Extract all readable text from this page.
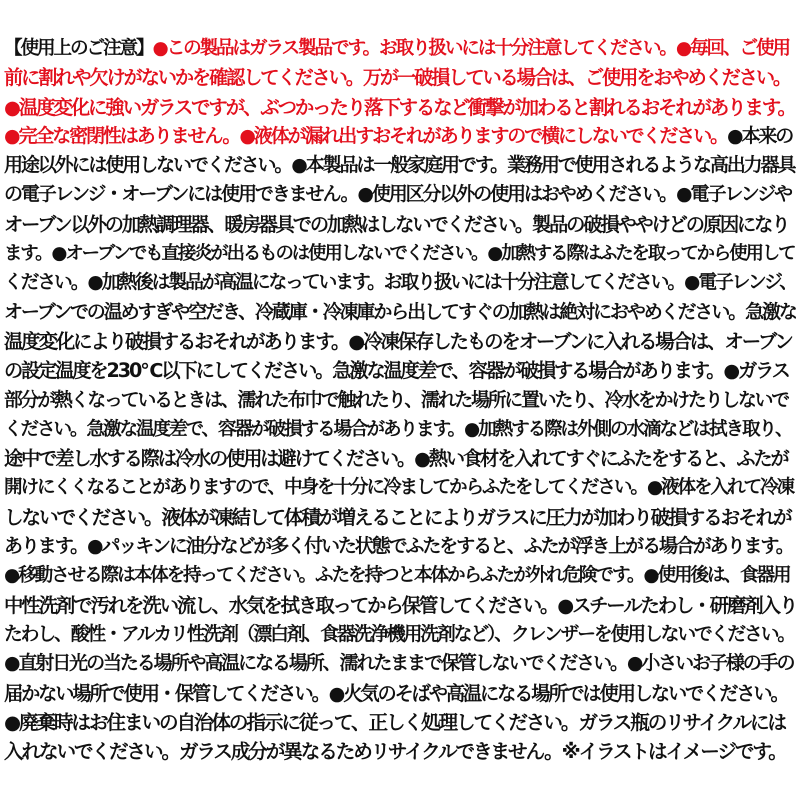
【使用上のご注意】●この製品はガラス製品です。お取り扱いには十分注意してください。●毎回、ご使用
前に割れや欠けがないかを確認してください。万が一破損している場合は、ご使用をおやめください。
●温度変化に強いガラスですが、ぶつかったり落下するなど衝撃が加わると割れるおそれがあります。
●完全な密閉性はありません。●液体が漏れ出すおそれがありますので横にしないでください。●本来の
用途以外には使用しないでください。●本製品は一般家庭用です。業務用で使用されるような高出力器具
の電子レンジ・オーブンには使用できません。●使用区分以外の使用はおやめください。●電子レンジや
オーブン以外の加熱調理器、暖房器具での加熱はしないでください。製品の破損ややけどの原因になり
ます。●オーブンでも直接炎が出るものは使用しないでください。●加熱する際はふたを取ってから使用して
ください。●加熱後は製品が高温になっています。お取り扱いには十分注意してください。●電子レンジ、
オーブンでの温めすぎや空だき、冷蔵庫・冷凍庫から出してすぐの加熱は絶対におやめください。急激な
温度変化により破損するおそれがあります。●冷凍保存したものをオーブンに入れる場合は、オーブン
の設定温度を230℃以下にしてください。急激な温度差で、容器が破損する場合があります。●ガラス
部分が熱くなっているときは、濡れた布巾で触れたり、濡れた場所に置いたり、冷水をかけたりしないで
ください。急激な温度差で、容器が破損する場合があります。●加熱する際は外側の水滴などは拭き取り、
途中で差し水する際は冷水の使用は避けてください。●熱い食材を入れてすぐにふたをすると、ふたが
開けにくくなることがありますので、中身を十分に冷ましてからふたをしてください。●液体を入れて冷凍
しないでください。液体が凍結して体積が増えることによりガラスに圧力が加わり破損するおそれが
あります。●パッキンに油分などが多く付いた状態でふたをすると、ふたが浮き上がる場合があります。
●移動させる際は本体を持ってください。ふたを持つと本体からふたが外れ危険です。●使用後は、食器用
中性洗剤で汚れを洗い流し、水気を拭き取ってから保管してください。●スチールたわし・研磨剤入り
たわし、酸性・アルカリ性洗剤（漂白剤、食器洗浄機用洗剤など）、クレンザーを使用しないでください。
●直射日光の当たる場所や高温になる場所、濡れたままで保管しないでください。●小さいお子様の手の
届かない場所で使用・保管してください。●火気のそばや高温になる場所では使用しないでください。
●廃棄時はお住まいの自治体の指示に従って、正しく処理してください。ガラス瓶のリサイクルには
入れないでください。ガラス成分が異なるためリサイクルできません。※イラストはイメージです。
